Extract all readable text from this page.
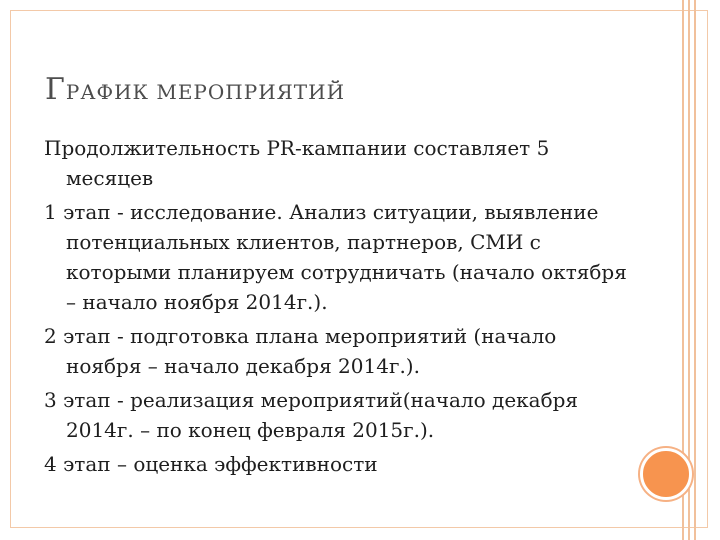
ГРАФИК МЕРОПРИЯТИЙ

Продолжительность PR-кампании составляет 5 месяцев

1 этап - исследование. Анализ ситуации, выявление потенциальных клиентов, партнеров, СМИ с которыми планируем сотрудничать (начало октября – начало ноября 2014г.).

2 этап - подготовка плана мероприятий (начало ноября – начало декабря 2014г.).

3 этап - реализация мероприятий(начало декабря 2014г. – по конец февраля 2015г.).

4 этап – оценка эффективности
